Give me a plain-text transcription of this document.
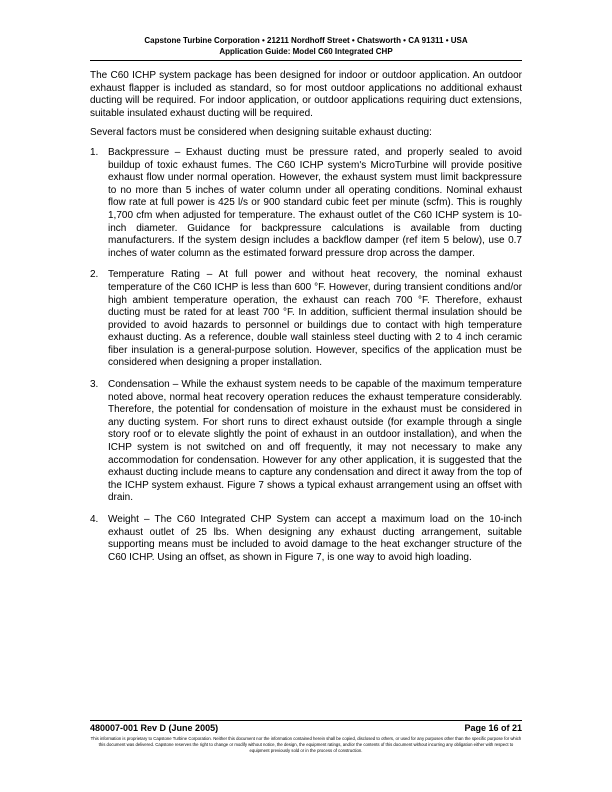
Capstone Turbine Corporation • 21211 Nordhoff Street • Chatsworth • CA 91311 • USA
Application Guide: Model C60 Integrated CHP

The C60 ICHP system package has been designed for indoor or outdoor application. An outdoor exhaust flapper is included as standard, so for most outdoor applications no additional exhaust ducting will be required. For indoor application, or outdoor applications requiring duct extensions, suitable insulated exhaust ducting will be required.

Several factors must be considered when designing suitable exhaust ducting:

1. Backpressure – Exhaust ducting must be pressure rated, and properly sealed to avoid buildup of toxic exhaust fumes. The C60 ICHP system's MicroTurbine will provide positive exhaust flow under normal operation. However, the exhaust system must limit backpressure to no more than 5 inches of water column under all operating conditions. Nominal exhaust flow rate at full power is 425 l/s or 900 standard cubic feet per minute (scfm). This is roughly 1,700 cfm when adjusted for temperature. The exhaust outlet of the C60 ICHP system is 10-inch diameter. Guidance for backpressure calculations is available from ducting manufacturers. If the system design includes a backflow damper (ref item 5 below), use 0.7 inches of water column as the estimated forward pressure drop across the damper.
2. Temperature Rating – At full power and without heat recovery, the nominal exhaust temperature of the C60 ICHP is less than 600 °F. However, during transient conditions and/or high ambient temperature operation, the exhaust can reach 700 °F. Therefore, exhaust ducting must be rated for at least 700 °F. In addition, sufficient thermal insulation should be provided to avoid hazards to personnel or buildings due to contact with high temperature exhaust ducting. As a reference, double wall stainless steel ducting with 2 to 4 inch ceramic fiber insulation is a general-purpose solution. However, specifics of the application must be considered when designing a proper installation.
3. Condensation – While the exhaust system needs to be capable of the maximum temperature noted above, normal heat recovery operation reduces the exhaust temperature considerably. Therefore, the potential for condensation of moisture in the exhaust must be considered in any ducting system. For short runs to direct exhaust outside (for example through a single story roof or to elevate slightly the point of exhaust in an outdoor installation), and when the ICHP system is not switched on and off frequently, it may not necessary to make any accommodation for condensation. However for any other application, it is suggested that the exhaust ducting include means to capture any condensation and direct it away from the top of the ICHP system exhaust. Figure 7 shows a typical exhaust arrangement using an offset with drain.
4. Weight – The C60 Integrated CHP System can accept a maximum load on the 10-inch exhaust outlet of 25 lbs. When designing any exhaust ducting arrangement, suitable supporting means must be included to avoid damage to the heat exchanger structure of the C60 ICHP. Using an offset, as shown in Figure 7, is one way to avoid high loading.
480007-001 Rev D (June 2005)	Page 16 of 21
This information is proprietary to Capstone Turbine Corporation. Neither this document nor the information contained herein shall be copied, disclosed to others, or used for any purposes other than the specific purpose for which this document was delivered. Capstone reserves the right to change or modify without notice, the design, the equipment ratings, and/or the contents of this document without incurring any obligation either with respect to equipment previously sold or in the process of construction.
